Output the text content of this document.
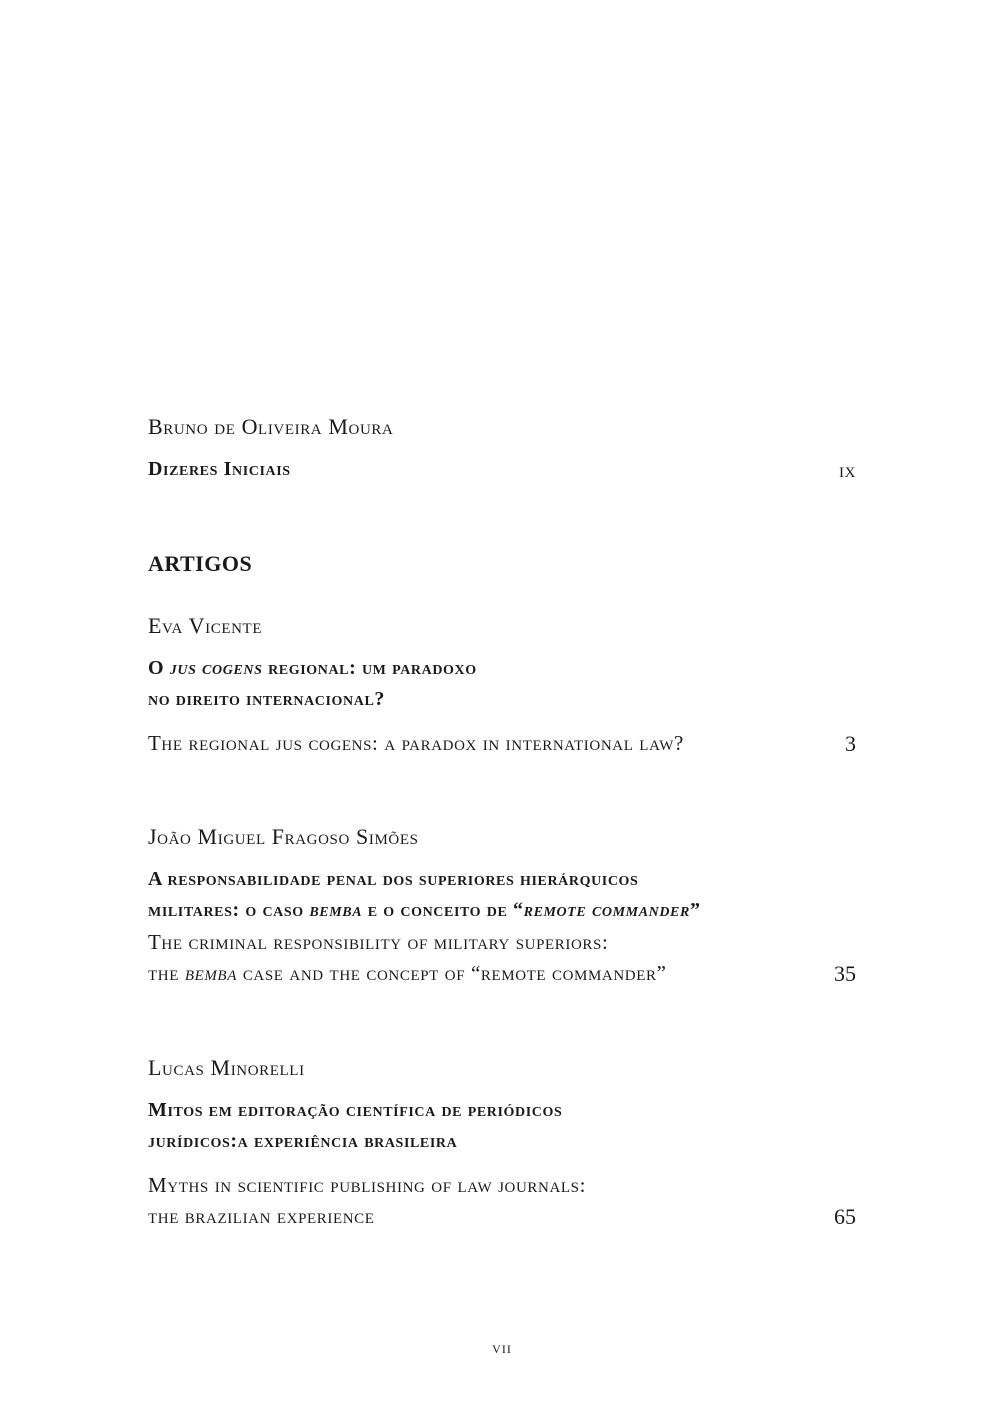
Bruno de Oliveira Moura
Dizeres Iniciais	ix
ARTIGOS
Eva Vicente
O jus cogens regional: um paradoxo
no direito internacional?
The regional jus cogens: a paradox in international law?	3
João Miguel Fragoso Simões
A responsabilidade penal dos superiores hierárquicos
militares: o caso bemba e o conceito de “remote commander”
The criminal responsibility of military superiors:
the bemba case and the concept of “remote commander”	35
Lucas Minorelli
Mitos em editoração científica de periódicos
jurídicos:a experiência brasileira
Myths in scientific publishing of law journals:
the brazilian experience	65
vii
